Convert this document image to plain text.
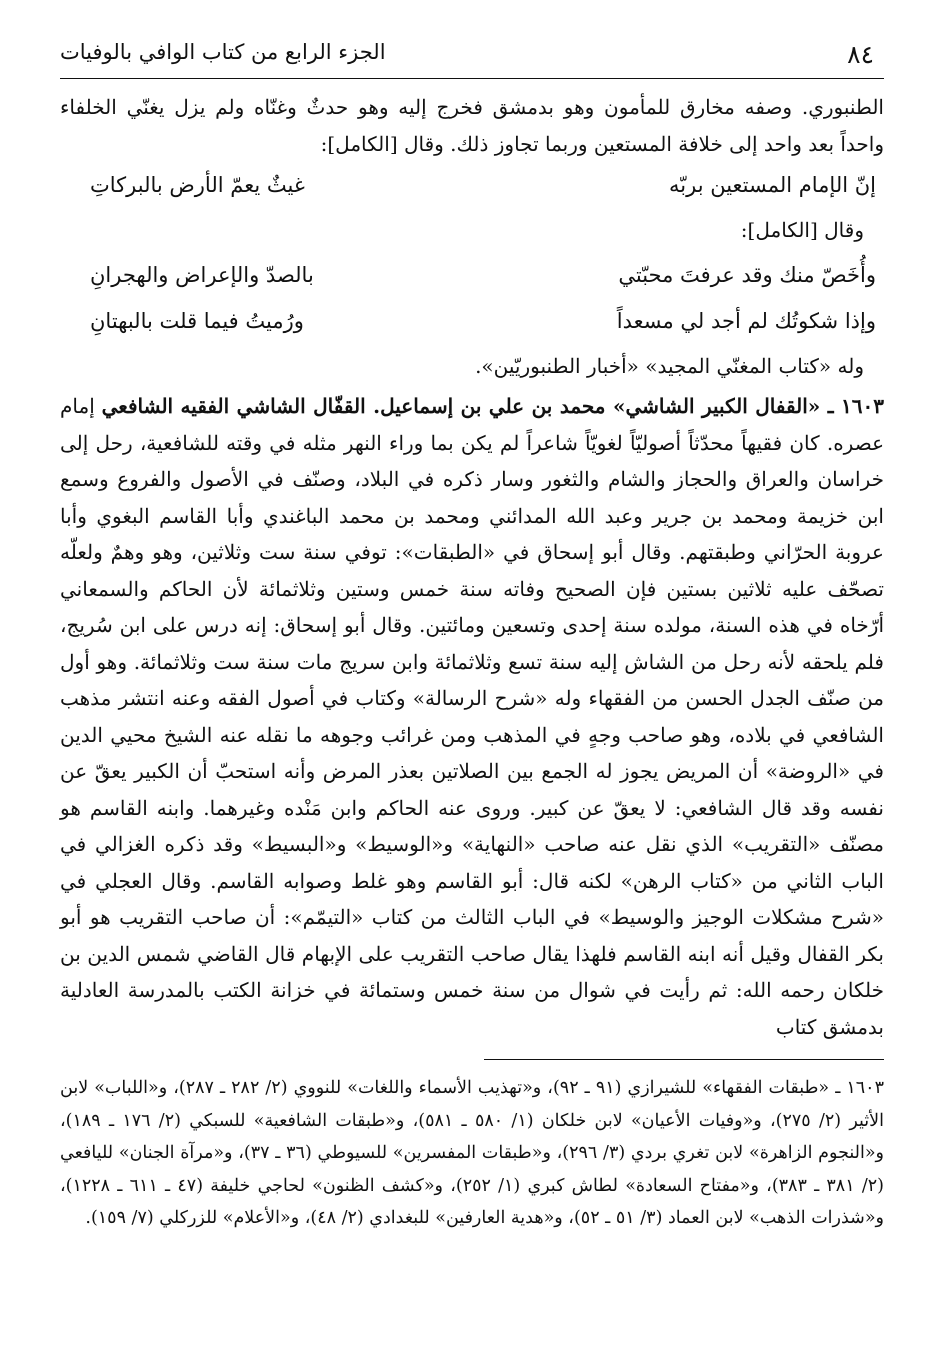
٨٤
الجزء الرابع من كتاب الوافي بالوفيات

الطنبوري. وصفه مخارق للمأمون وهو بدمشق فخرج إليه وهو حدثٌ وغنّاه ولم يزل يغنّي الخلفاء واحداً بعد واحد إلى خلافة المستعين وربما تجاوز ذلك. وقال [الكامل]:

إنّ الإمام المستعين بربّه
غيثٌ يعمّ الأرض بالبركاتِ

وقال [الكامل]:

وأُخَصّ منك وقد عرفتَ محبّتي
بالصدّ والإعراض والهجرانِ
وإذا شكوتُك لم أجد لي مسعداً
ورُميتُ فيما قلت بالبهتانِ

وله «كتاب المغنّي المجيد» «أخبار الطنبوريّين».

١٦٠٣ ـ «القفال الكبير الشاشي» محمد بن علي بن إسماعيل. القفّال الشاشي الفقيه الشافعي إمام عصره. كان فقيهاً محدّثاً أصوليّاً لغويّاً شاعراً لم يكن بما وراء النهر مثله في وقته للشافعية، رحل إلى خراسان والعراق والحجاز والشام والثغور وسار ذكره في البلاد، وصنّف في الأصول والفروع وسمع ابن خزيمة ومحمد بن جرير وعبد الله المدائني ومحمد بن محمد الباغندي وأبا القاسم البغوي وأبا عروبة الحرّاني وطبقتهم. وقال أبو إسحاق في «الطبقات»: توفي سنة ست وثلاثين، وهو وهمٌ ولعلّه تصحّف عليه ثلاثين بستين فإن الصحيح وفاته سنة خمس وستين وثلاثمائة لأن الحاكم والسمعاني أرّخاه في هذه السنة، مولده سنة إحدى وتسعين ومائتين. وقال أبو إسحاق: إنه درس على ابن سُريج، فلم يلحقه لأنه رحل من الشاش إليه سنة تسع وثلاثمائة وابن سريج مات سنة ست وثلاثمائة. وهو أول من صنّف الجدل الحسن من الفقهاء وله «شرح الرسالة» وكتاب في أصول الفقه وعنه انتشر مذهب الشافعي في بلاده، وهو صاحب وجهٍ في المذهب ومن غرائب وجوهه ما نقله عنه الشيخ محيي الدين في «الروضة» أن المريض يجوز له الجمع بين الصلاتين بعذر المرض وأنه استحبّ أن الكبير يعقّ عن نفسه وقد قال الشافعي: لا يعقّ عن كبير. وروى عنه الحاكم وابن مَنْده وغيرهما. وابنه القاسم هو مصنّف «التقريب» الذي نقل عنه صاحب «النهاية» و«الوسيط» و«البسيط» وقد ذكره الغزالي في الباب الثاني من «كتاب الرهن» لكنه قال: أبو القاسم وهو غلط وصوابه القاسم. وقال العجلي في «شرح مشكلات الوجيز والوسيط» في الباب الثالث من كتاب «التيمّم»: أن صاحب التقريب هو أبو بكر القفال وقيل أنه ابنه القاسم فلهذا يقال صاحب التقريب على الإبهام قال القاضي شمس الدين بن خلكان رحمه الله: ثم رأيت في شوال من سنة خمس وستمائة في خزانة الكتب بالمدرسة العادلية بدمشق كتاب

١٦٠٣ ـ «طبقات الفقهاء» للشيرازي (٩١ ـ ٩٢)، و«تهذيب الأسماء واللغات» للنووي (٢/ ٢٨٢ ـ ٢٨٧)، و«اللباب» لابن الأثير (٢/ ٢٧٥)، و«وفيات الأعيان» لابن خلكان (١/ ٥٨٠ ـ ٥٨١)، و«طبقات الشافعية» للسبكي (٢/ ١٧٦ ـ ١٨٩)، و«النجوم الزاهرة» لابن تغري بردي (٣/ ٢٩٦)، و«طبقات المفسرين» للسيوطي (٣٦ ـ ٣٧)، و«مرآة الجنان» لليافعي (٢/ ٣٨١ ـ ٣٨٣)، و«مفتاح السعادة» لطاش كبري (١/ ٢٥٢)، و«كشف الظنون» لحاجي خليفة (٤٧ ـ ٦١١ ـ ١٢٢٨)، و«شذرات الذهب» لابن العماد (٣/ ٥١ ـ ٥٢)، و«هدية العارفين» للبغدادي (٢/ ٤٨)، و«الأعلام» للزركلي (٧/ ١٥٩).
